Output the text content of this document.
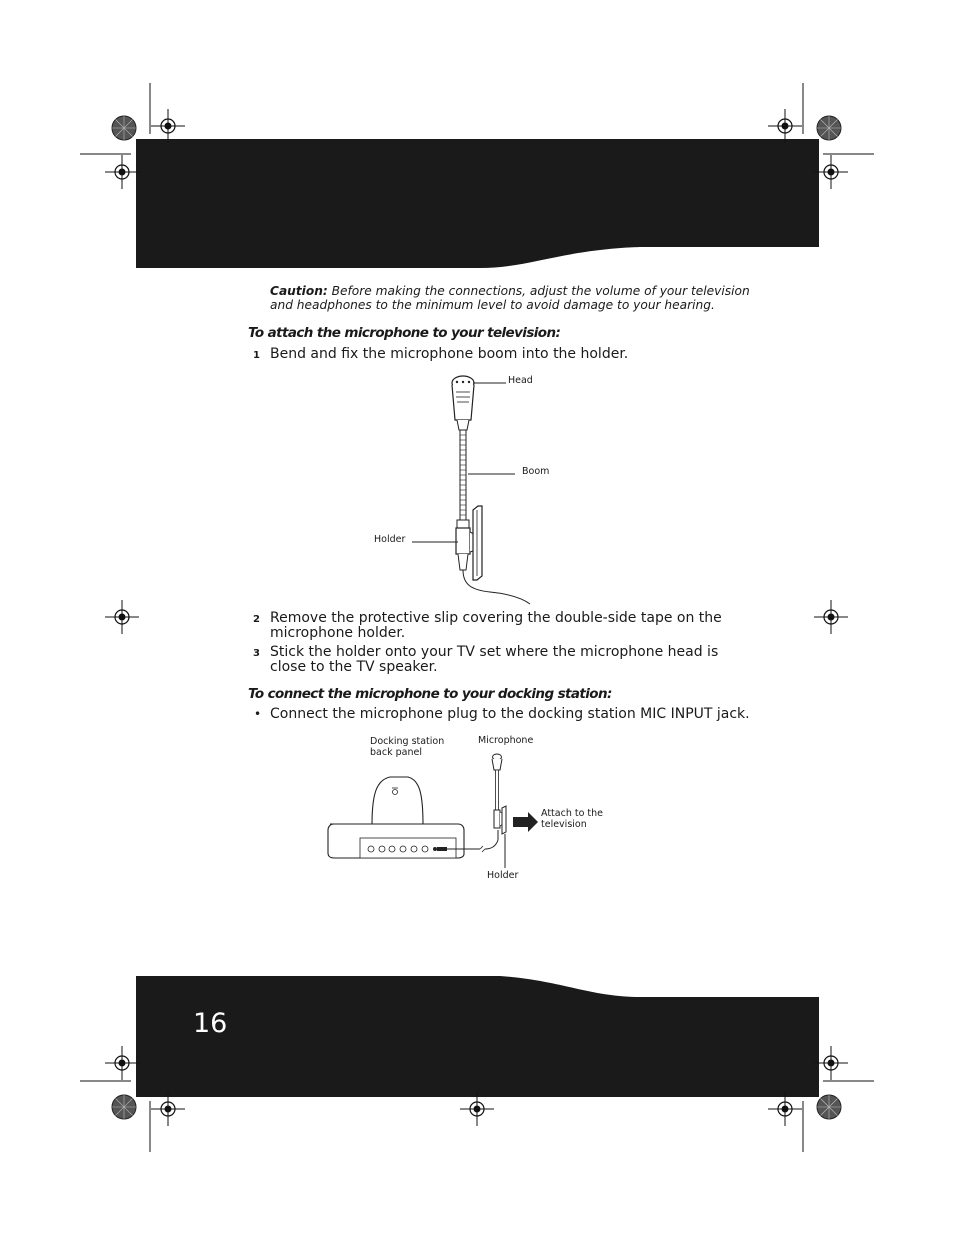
Caution: Before making the connections, adjust the volume of your television and headphones to the minimum level to avoid damage to your hearing.
To attach the microphone to your television:
1 Bend and fix the microphone boom into the holder.
Head
Boom
Holder
2 Remove the protective slip covering the double-side tape on the microphone holder.
3 Stick the holder onto your TV set where the microphone head is close to the TV speaker.
To connect the microphone to your docking station:
• Connect the microphone plug to the docking station MIC INPUT jack.
Docking station
back panel
Microphone
Attach to the
television
Holder
16
